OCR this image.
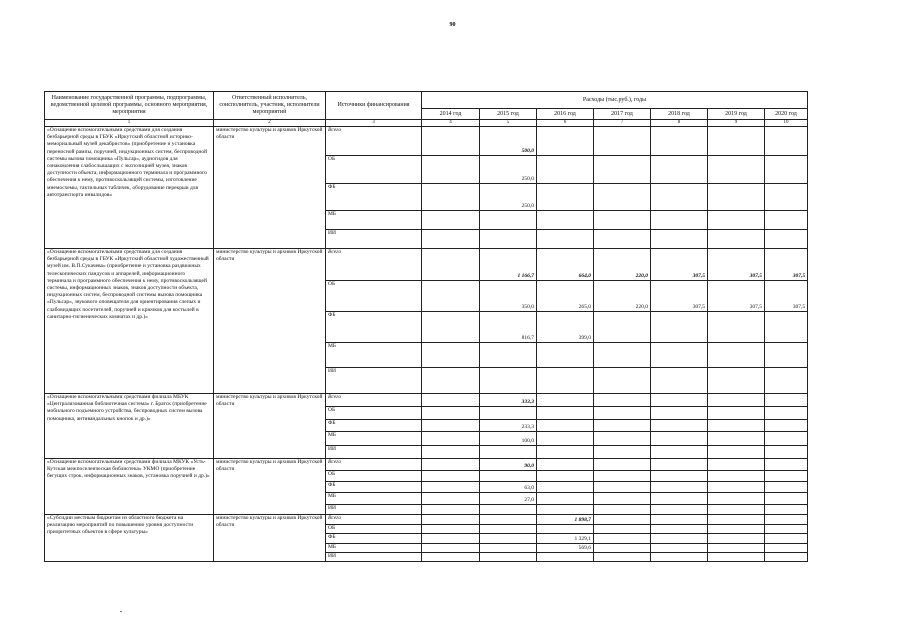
90
Наименование государственной программы, подпрограммы, ведомственной целевой программы, основного мероприятия, мероприятия	Ответственный исполнитель, соисполнитель, участник, исполнители мероприятий	Источники финансирования	Расходы (тыс.руб.), годы						
			2014 год	2015 год	2016 год	2017 год	2018 год	2019 год	2020 год
1	2	3	4	5	6	7	8	9	10
«Оснащение вспомогательными средствами для создания безбарьерной среды в ГБУК «Иркутский областной историко-мемориальный музей декабристов» (приобретение и установка переносной рампы, поручней, индукционных систем, беспроводной системы вызова помощника «Пульсар», аудиогидов для ознакомления слабослышащих с экспозицией музея, знаков доступности объекта, информационного терминала и программного обеспечения к нему, противоскользящей системы, изготовление мнемосхемы, тактильных табличек, оборудование перекрыи для автотранспорта инвалидов»	министерство культуры и архивов Иркутской области	Всего		500,0					
		ОБ		250,0					
		ФБ		250,0					
		МБ							
		ИИ							
«Оснащение вспомогательными средствами для создания безбарьерной среды в ГБУК «Иркутский областной художественный музей им. В.П.Сукачева» (приобретение и установка раздвижных телескопических пандусов и аппарелей, информационного терминала и программного обеспечения к нему, противоскользящей системы, информационных знаков, знаков доступности объекта, индукционных систем, беспроводной системы вызова помощника «Пульсар», звукового оповещателя для ориентирования слепых и слабовидящих посетителей, поручней и крючков для костылей в санитарно-гигиенических комнатах и др.)»	министерство культуры и архивов Иркутской области	Всего		1 166,7	664,0	220,0	307,5	307,5	307,5
		ОБ		350,0	265,0	220,0	307,5	307,5	307,5
		ФБ		816,7	399,0				
		МБ							
		ИИ							
«Оснащение вспомогательными средствами филиала МБУК «Централизованная библиотечная система» г. Братск (приобретение мобильного подъемного устройства, беспроводных систем вызова помощника, антивандальных кнопок и др.)»	министерство культуры и архивов Иркутской области	Всего		333,3					
		ОБ							
		ФБ		233,3					
		МБ		100,0					
		ИИ							
«Оснащение вспомогательными средствами филиала МКУК «Усть-Кутская межпоселенческая библиотека» УКМО (приобретение бегущих строк, информационных знаков, установка поручней и др.)»	министерство культуры и архивов Иркутской области	Всего		90,0					
		ОБ							
		ФБ		63,0					
		МБ		27,0					
		ИИ							
«Субсидии местным бюджетам из областного бюджета на реализацию мероприятий по повышению уровня доступности приоритетных объектов в сфере культуры»	министерство культуры и архивов Иркутской области	Всего			1 898,7				
		ОБ							
		ФБ			1 329,1				
		МБ			569,6				
		ИИ							
